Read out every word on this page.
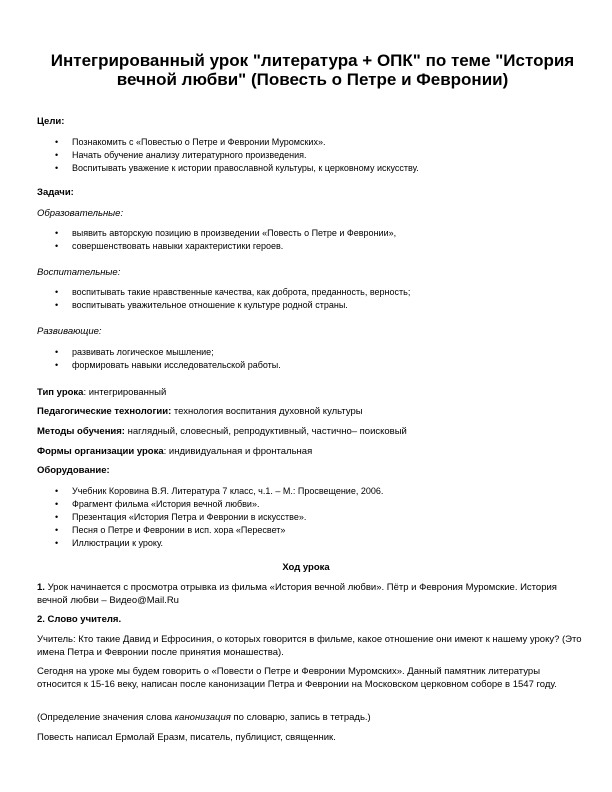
Интегрированный урок "литература + ОПК" по теме "История вечной любви" (Повесть о Петре и Февронии)
Цели:
• Познакомить с «Повестью о Петре и Февронии Муромских».
• Начать обучение анализу литературного произведения.
• Воспитывать уважение к истории православной культуры, к церковному искусству.
Задачи:
Образовательные:
• выявить авторскую позицию в произведении «Повесть о Петре и Февронии»,
• совершенствовать навыки характеристики героев.
Воспитательные:
• воспитывать такие нравственные качества, как доброта, преданность, верность;
• воспитывать уважительное отношение к культуре родной страны.
Развивающие:
• развивать логическое мышление;
• формировать навыки исследовательской работы.
Тип урока: интегрированный
Педагогические технологии: технология воспитания духовной культуры
Методы обучения: наглядный, словесный, репродуктивный, частично– поисковый
Формы организации урока: индивидуальная и фронтальная
Оборудование:
• Учебник Коровина В.Я. Литература 7 класс, ч.1. – М.: Просвещение, 2006.
• Фрагмент фильма «История вечной любви».
• Презентация «История Петра и Февронии в искусстве».
• Песня о Петре и Февронии в исп. хора «Пересвет»
• Иллюстрации к уроку.
Ход урока
1. Урок начинается с просмотра отрывка из фильма «История вечной любви». Пётр и Феврония Муромские. История вечной любви – Видео@Mail.Ru
2. Слово учителя.
Учитель: Кто такие Давид и Ефросиния, о которых говорится в фильме, какое отношение они имеют к нашему уроку? (Это имена Петра и Февронии после принятия монашества).
Сегодня на уроке мы будем говорить о «Повести о Петре и Февронии Муромских». Данный памятник литературы относится к 15-16 веку, написан после канонизации Петра и Февронии на Московском церковном соборе в 1547 году.
(Определение значения слова канонизация по словарю, запись в тетрадь.)
Повесть написал Ермолай Еразм, писатель, публицист, священник.
